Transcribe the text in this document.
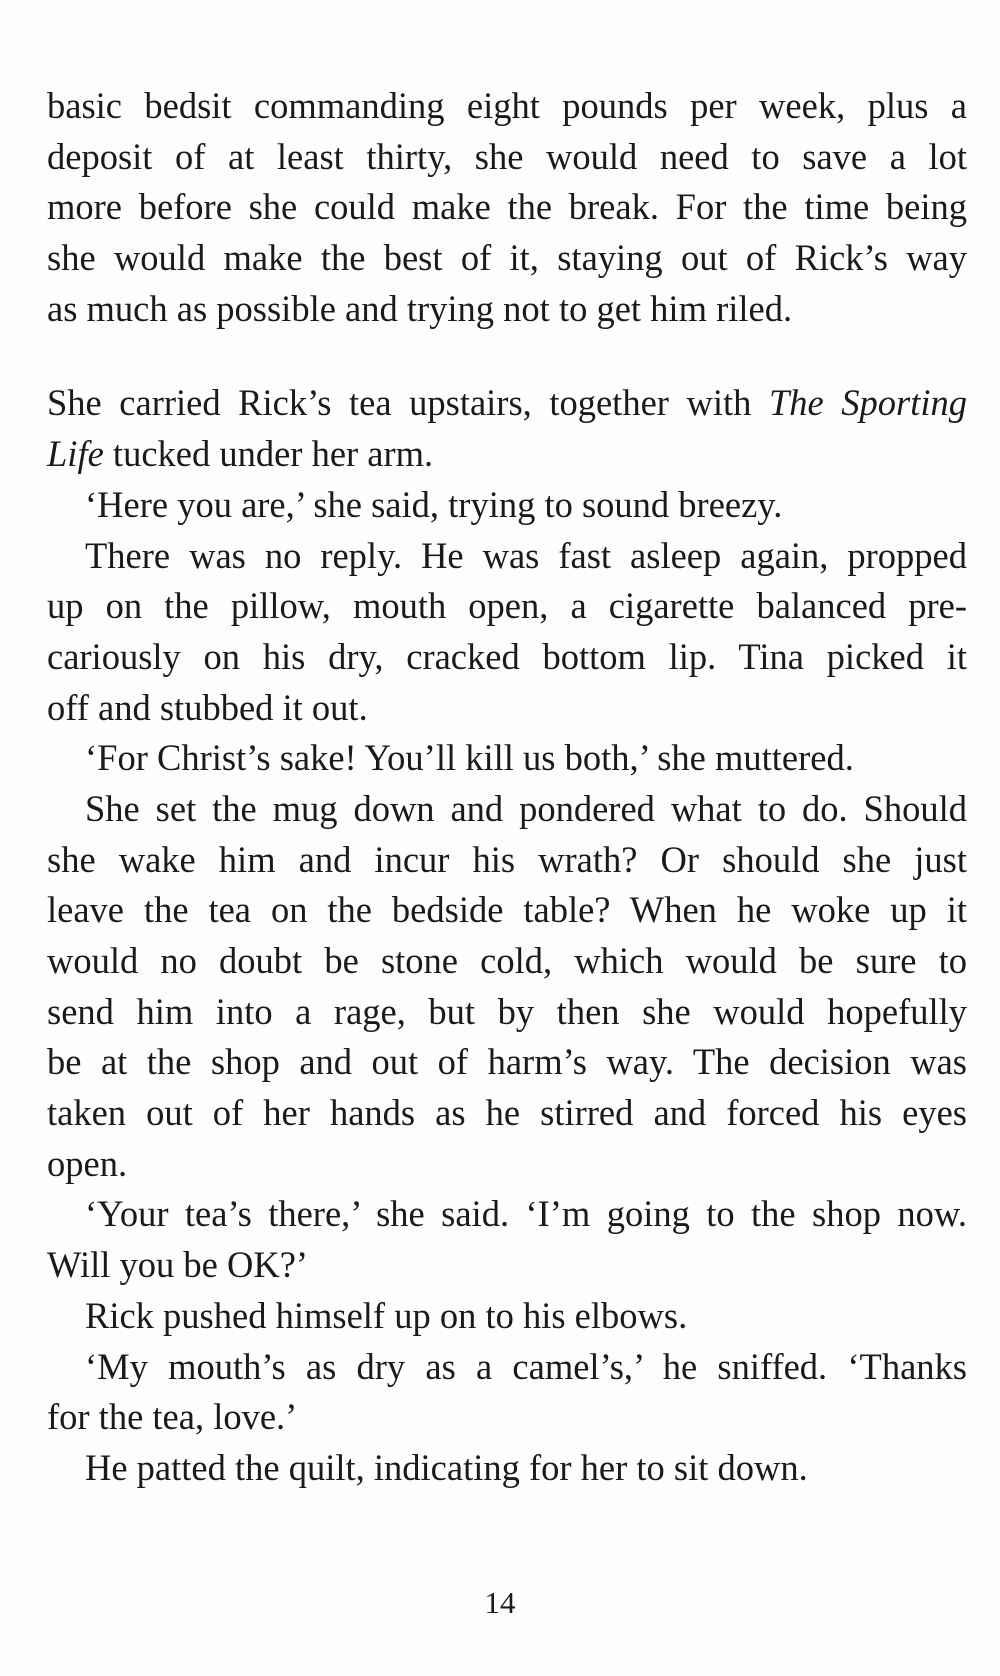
basic bedsit commanding eight pounds per week, plus a
deposit of at least thirty, she would need to save a lot
more before she could make the break. For the time being
she would make the best of it, staying out of Rick’s way
as much as possible and trying not to get him riled.
She carried Rick’s tea upstairs, together with The Sporting
Life tucked under her arm.
‘Here you are,’ she said, trying to sound breezy.
There was no reply. He was fast asleep again, propped
up on the pillow, mouth open, a cigarette balanced pre-
cariously on his dry, cracked bottom lip. Tina picked it
off and stubbed it out.
‘For Christ’s sake! You’ll kill us both,’ she muttered.
She set the mug down and pondered what to do. Should
she wake him and incur his wrath? Or should she just
leave the tea on the bedside table? When he woke up it
would no doubt be stone cold, which would be sure to
send him into a rage, but by then she would hopefully
be at the shop and out of harm’s way. The decision was
taken out of her hands as he stirred and forced his eyes
open.
‘Your tea’s there,’ she said. ‘I’m going to the shop now.
Will you be OK?’
Rick pushed himself up on to his elbows.
‘My mouth’s as dry as a camel’s,’ he sniffed. ‘Thanks
for the tea, love.’
He patted the quilt, indicating for her to sit down.
14
